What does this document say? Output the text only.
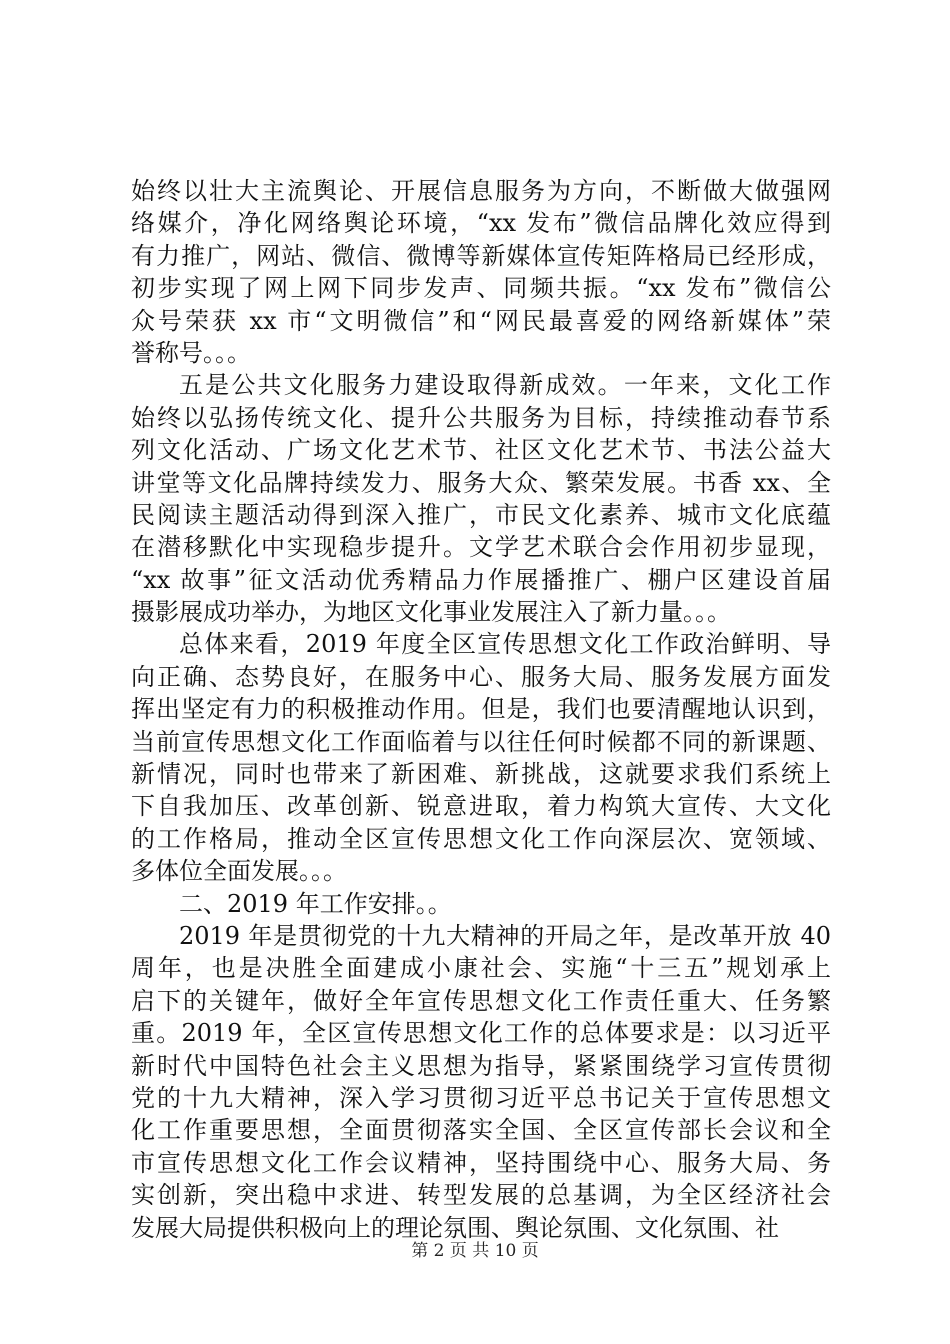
始终以壮大主流舆论、开展信息服务为方向，不断做大做强网
络媒介，净化网络舆论环境，“xx 发布”微信品牌化效应得到
有力推广，网站、微信、微博等新媒体宣传矩阵格局已经形成，
初步实现了网上网下同步发声、同频共振。“xx 发布”微信公
众号荣获 xx 市“文明微信”和“网民最喜爱的网络新媒体”荣
誉称号。。。
五是公共文化服务力建设取得新成效。一年来，文化工作
始终以弘扬传统文化、提升公共服务为目标，持续推动春节系
列文化活动、广场文化艺术节、社区文化艺术节、书法公益大
讲堂等文化品牌持续发力、服务大众、繁荣发展。书香 xx、全
民阅读主题活动得到深入推广，市民文化素养、城市文化底蕴
在潜移默化中实现稳步提升。文学艺术联合会作用初步显现，
“xx 故事”征文活动优秀精品力作展播推广、棚户区建设首届
摄影展成功举办，为地区文化事业发展注入了新力量。。。
总体来看，2019 年度全区宣传思想文化工作政治鲜明、导
向正确、态势良好，在服务中心、服务大局、服务发展方面发
挥出坚定有力的积极推动作用。但是，我们也要清醒地认识到，
当前宣传思想文化工作面临着与以往任何时候都不同的新课题、
新情况，同时也带来了新困难、新挑战，这就要求我们系统上
下自我加压、改革创新、锐意进取，着力构筑大宣传、大文化
的工作格局，推动全区宣传思想文化工作向深层次、宽领域、
多体位全面发展。。。
二、2019 年工作安排。。
2019 年是贯彻党的十九大精神的开局之年，是改革开放 40
周年，也是决胜全面建成小康社会、实施“十三五”规划承上
启下的关键年，做好全年宣传思想文化工作责任重大、任务繁
重。2019 年，全区宣传思想文化工作的总体要求是：以习近平
新时代中国特色社会主义思想为指导，紧紧围绕学习宣传贯彻
党的十九大精神，深入学习贯彻习近平总书记关于宣传思想文
化工作重要思想，全面贯彻落实全国、全区宣传部长会议和全
市宣传思想文化工作会议精神，坚持围绕中心、服务大局、务
实创新，突出稳中求进、转型发展的总基调，为全区经济社会
发展大局提供积极向上的理论氛围、舆论氛围、文化氛围、社
第 2 页 共 10 页
